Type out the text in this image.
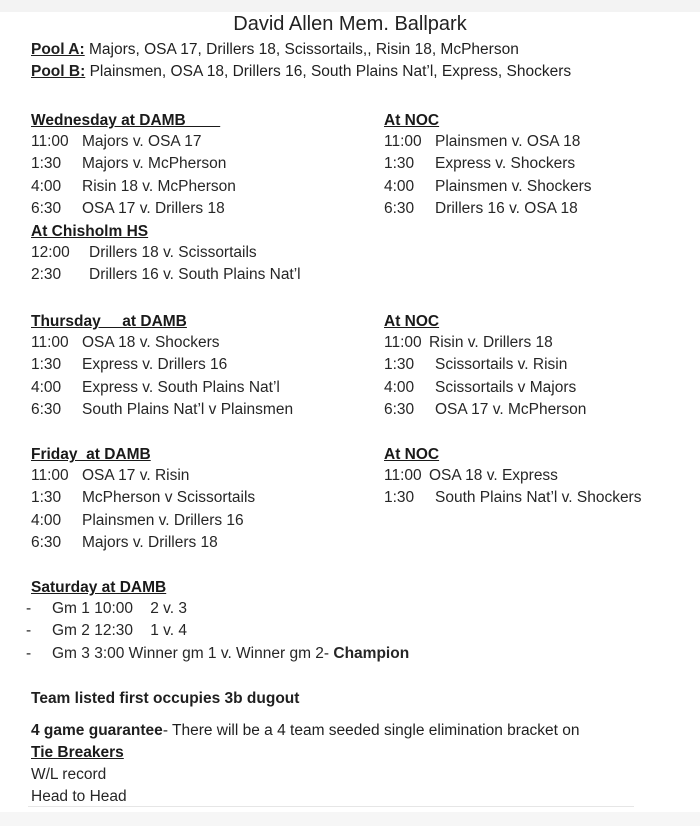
David Allen Mem. Ballpark
Pool A: Majors, OSA 17, Drillers 18, Scissortails,, Risin 18, McPherson
Pool B: Plainsmen, OSA 18, Drillers 16, South Plains Nat’l, Express, Shockers
Wednesday at DAMB
11:00 Majors v. OSA 17
1:30	Majors v. McPherson
4:00	Risin 18 v. McPherson
6:30	OSA 17 v. Drillers 18
At Chisholm HS
12:00	Drillers 18 v. Scissortails
2:30	Drillers 16 v. South Plains Nat’l
At NOC
11:00 Plainsmen v. OSA 18
1:30	Express v. Shockers
4:00	Plainsmen v. Shockers
6:30	Drillers 16 v. OSA 18
Thursday     at DAMB
11:00 OSA 18 v. Shockers
1:30	Express v. Drillers 16
4:00	Express v. South Plains Nat’l
6:30	South Plains Nat’l v Plainsmen
At NOC
11:00 Risin v. Drillers 18
1:30	Scissortails v. Risin
4:00	Scissortails v Majors
6:30	OSA 17 v. McPherson
Friday  at DAMB
11:00 OSA 17 v. Risin
1:30	McPherson v Scissortails
4:00	Plainsmen v. Drillers 16
6:30	Majors v. Drillers 18
At NOC
11:00 OSA 18 v. Express
1:30	South Plains Nat’l v. Shockers
Saturday at DAMB
-
Gm 1 10:00    2 v. 3
-
Gm 2 12:30    1 v. 4
-
Gm 3 3:00 Winner gm 1 v. Winner gm 2- Champion
Team listed first occupies 3b dugout
4 game guarantee- There will be a 4 team seeded single elimination bracket on
Tie Breakers
W/L record
Head to Head
